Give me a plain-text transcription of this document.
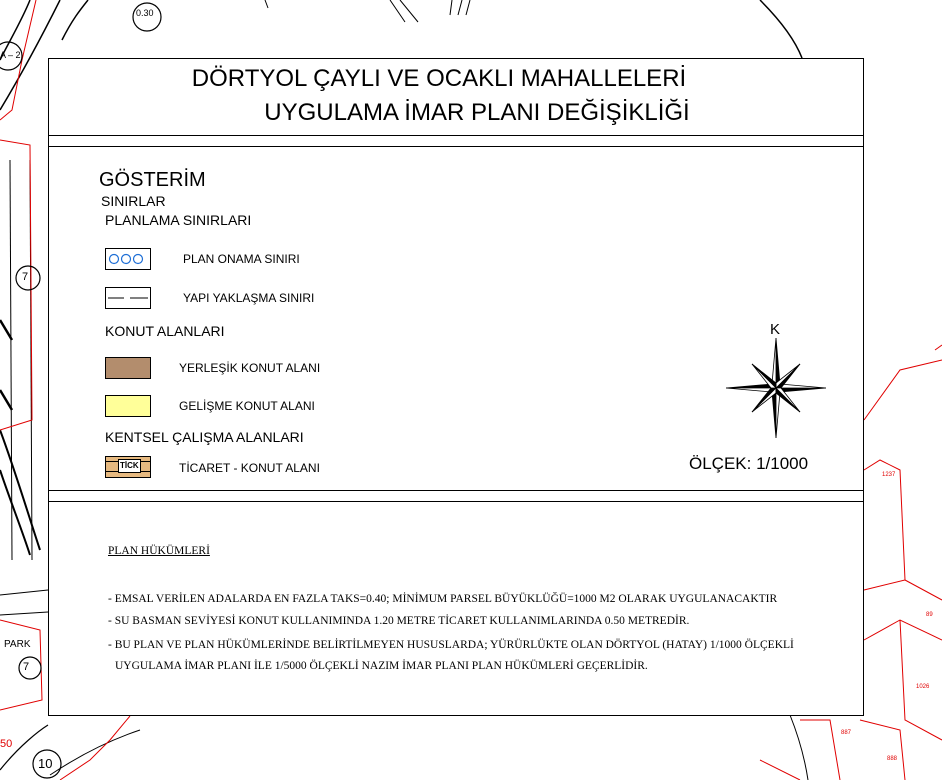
0.30
A – 2
7
7
10
PARK
50
1237
1026
887
888
89
DÖRTYOL ÇAYLI VE OCAKLI MAHALLELERİ
UYGULAMA İMAR PLANI DEĞİŞİKLİĞİ
GÖSTERİM
SINIRLAR
PLANLAMA SINIRLARI
PLAN ONAMA SINIRI
YAPI YAKLAŞMA SINIRI
KONUT ALANLARI
YERLEŞİK KONUT ALANI
GELİŞME KONUT ALANI
KENTSEL ÇALIŞMA ALANLARI
TİCK	TİCARET - KONUT ALANI
K
ÖLÇEK: 1/1000
PLAN HÜKÜMLERİ
- EMSAL VERİLEN ADALARDA EN FAZLA TAKS=0.40; MİNİMUM PARSEL BÜYÜKLÜĞÜ=1000 M2 OLARAK UYGULANACAKTIR
- SU BASMAN SEVİYESİ KONUT KULLANIMINDA 1.20 METRE TİCARET KULLANIMLARINDA 0.50 METREDİR.
- BU PLAN VE PLAN HÜKÜMLERİNDE BELİRTİLMEYEN HUSUSLARDA; YÜRÜRLÜKTE OLAN DÖRTYOL (HATAY) 1/1000 ÖLÇEKLİ
UYGULAMA İMAR PLANI İLE 1/5000 ÖLÇEKLİ NAZIM İMAR PLANI PLAN HÜKÜMLERİ GEÇERLİDİR.
